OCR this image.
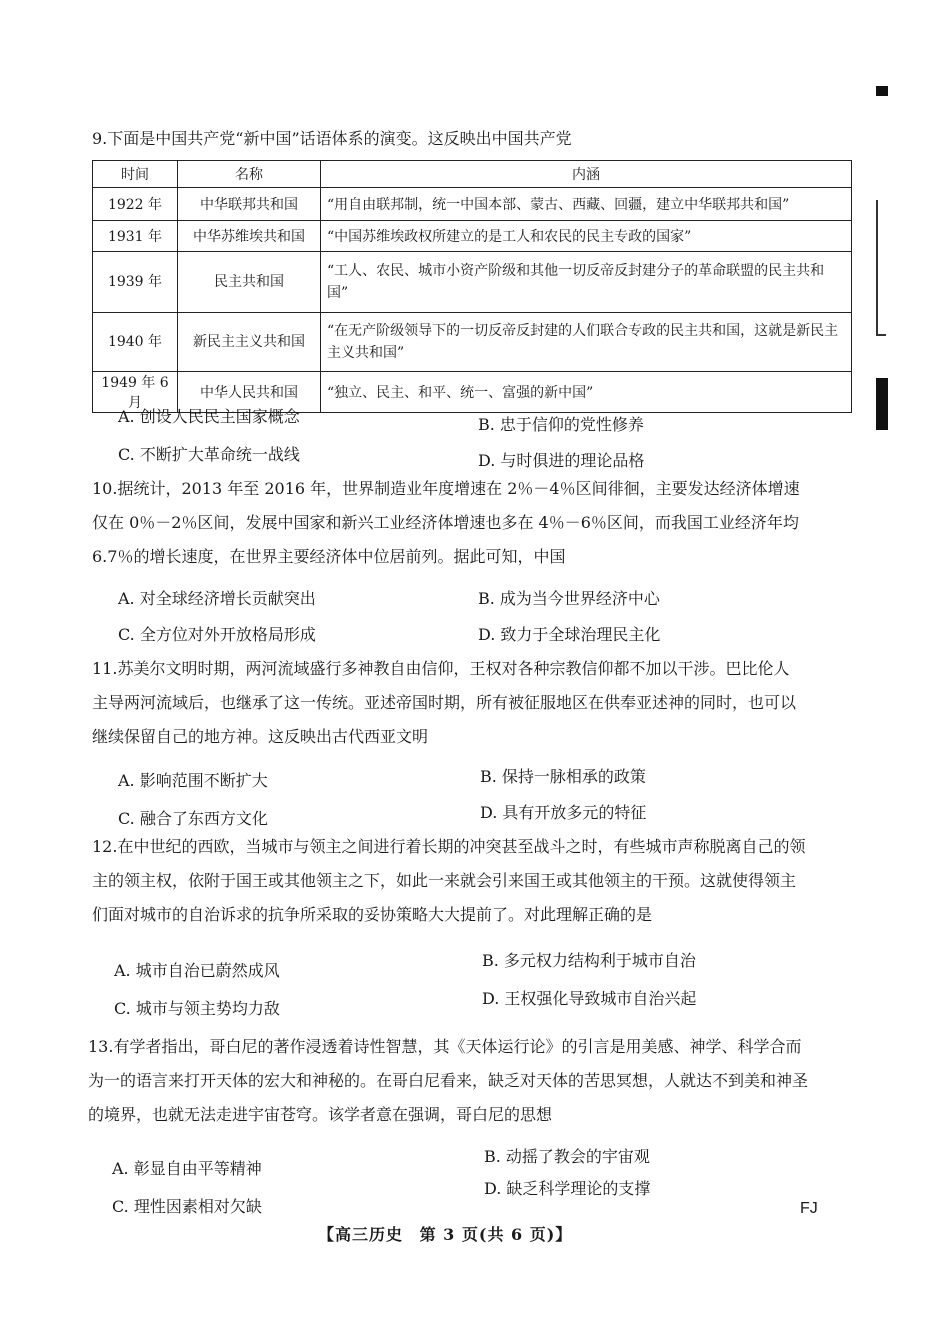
9.下面是中国共产党“新中国”话语体系的演变。这反映出中国共产党

时间	名称	内涵
1922 年	中华联邦共和国	“用自由联邦制，统一中国本部、蒙古、西藏、回疆，建立中华联邦共和国”
1931 年	中华苏维埃共和国	“中国苏维埃政权所建立的是工人和农民的民主专政的国家”
1939 年	民主共和国	“工人、农民、城市小资产阶级和其他一切反帝反封建分子的革命联盟的民主共和国”
1940 年	新民主主义共和国	“在无产阶级领导下的一切反帝反封建的人们联合专政的民主共和国，这就是新民主主义共和国”
1949 年 6 月	中华人民共和国	“独立、民主、和平、统一、富强的新中国”
A. 创设人民民主国家概念	B. 忠于信仰的党性修养
C. 不断扩大革命统一战线	D. 与时俱进的理论品格

10.据统计，2013 年至 2016 年，世界制造业年度增速在 2％－4％区间徘徊，主要发达经济体增速仅在 0％－2％区间，发展中国家和新兴工业经济体增速也多在 4％－6％区间，而我国工业经济年均 6.7％的增长速度，在世界主要经济体中位居前列。据此可知，中国

A. 对全球经济增长贡献突出	B. 成为当今世界经济中心
C. 全方位对外开放格局形成	D. 致力于全球治理民主化

11.苏美尔文明时期，两河流域盛行多神教自由信仰，王权对各种宗教信仰都不加以干涉。巴比伦人主导两河流域后，也继承了这一传统。亚述帝国时期，所有被征服地区在供奉亚述神的同时，也可以继续保留自己的地方神。这反映出古代西亚文明

A. 影响范围不断扩大	B. 保持一脉相承的政策
C. 融合了东西方文化	D. 具有开放多元的特征

12.在中世纪的西欧，当城市与领主之间进行着长期的冲突甚至战斗之时，有些城市声称脱离自己的领主的领主权，依附于国王或其他领主之下，如此一来就会引来国王或其他领主的干预。这就使得领主们面对城市的自治诉求的抗争所采取的妥协策略大大提前了。对此理解正确的是

A. 城市自治已蔚然成风
B. 多元权力结构利于城市自治
C. 城市与领主势均力敌
D. 王权强化导致城市自治兴起

13.有学者指出，哥白尼的著作浸透着诗性智慧，其《天体运行论》的引言是用美感、神学、科学合而为一的语言来打开天体的宏大和神秘的。在哥白尼看来，缺乏对天体的苦思冥想，人就达不到美和神圣的境界，也就无法走进宇宙苍穹。该学者意在强调，哥白尼的思想

A. 彰显自由平等精神
B. 动摇了教会的宇宙观
C. 理性因素相对欠缺
D. 缺乏科学理论的支撑
【高三历史 第 3 页(共 6 页)】
FJ
